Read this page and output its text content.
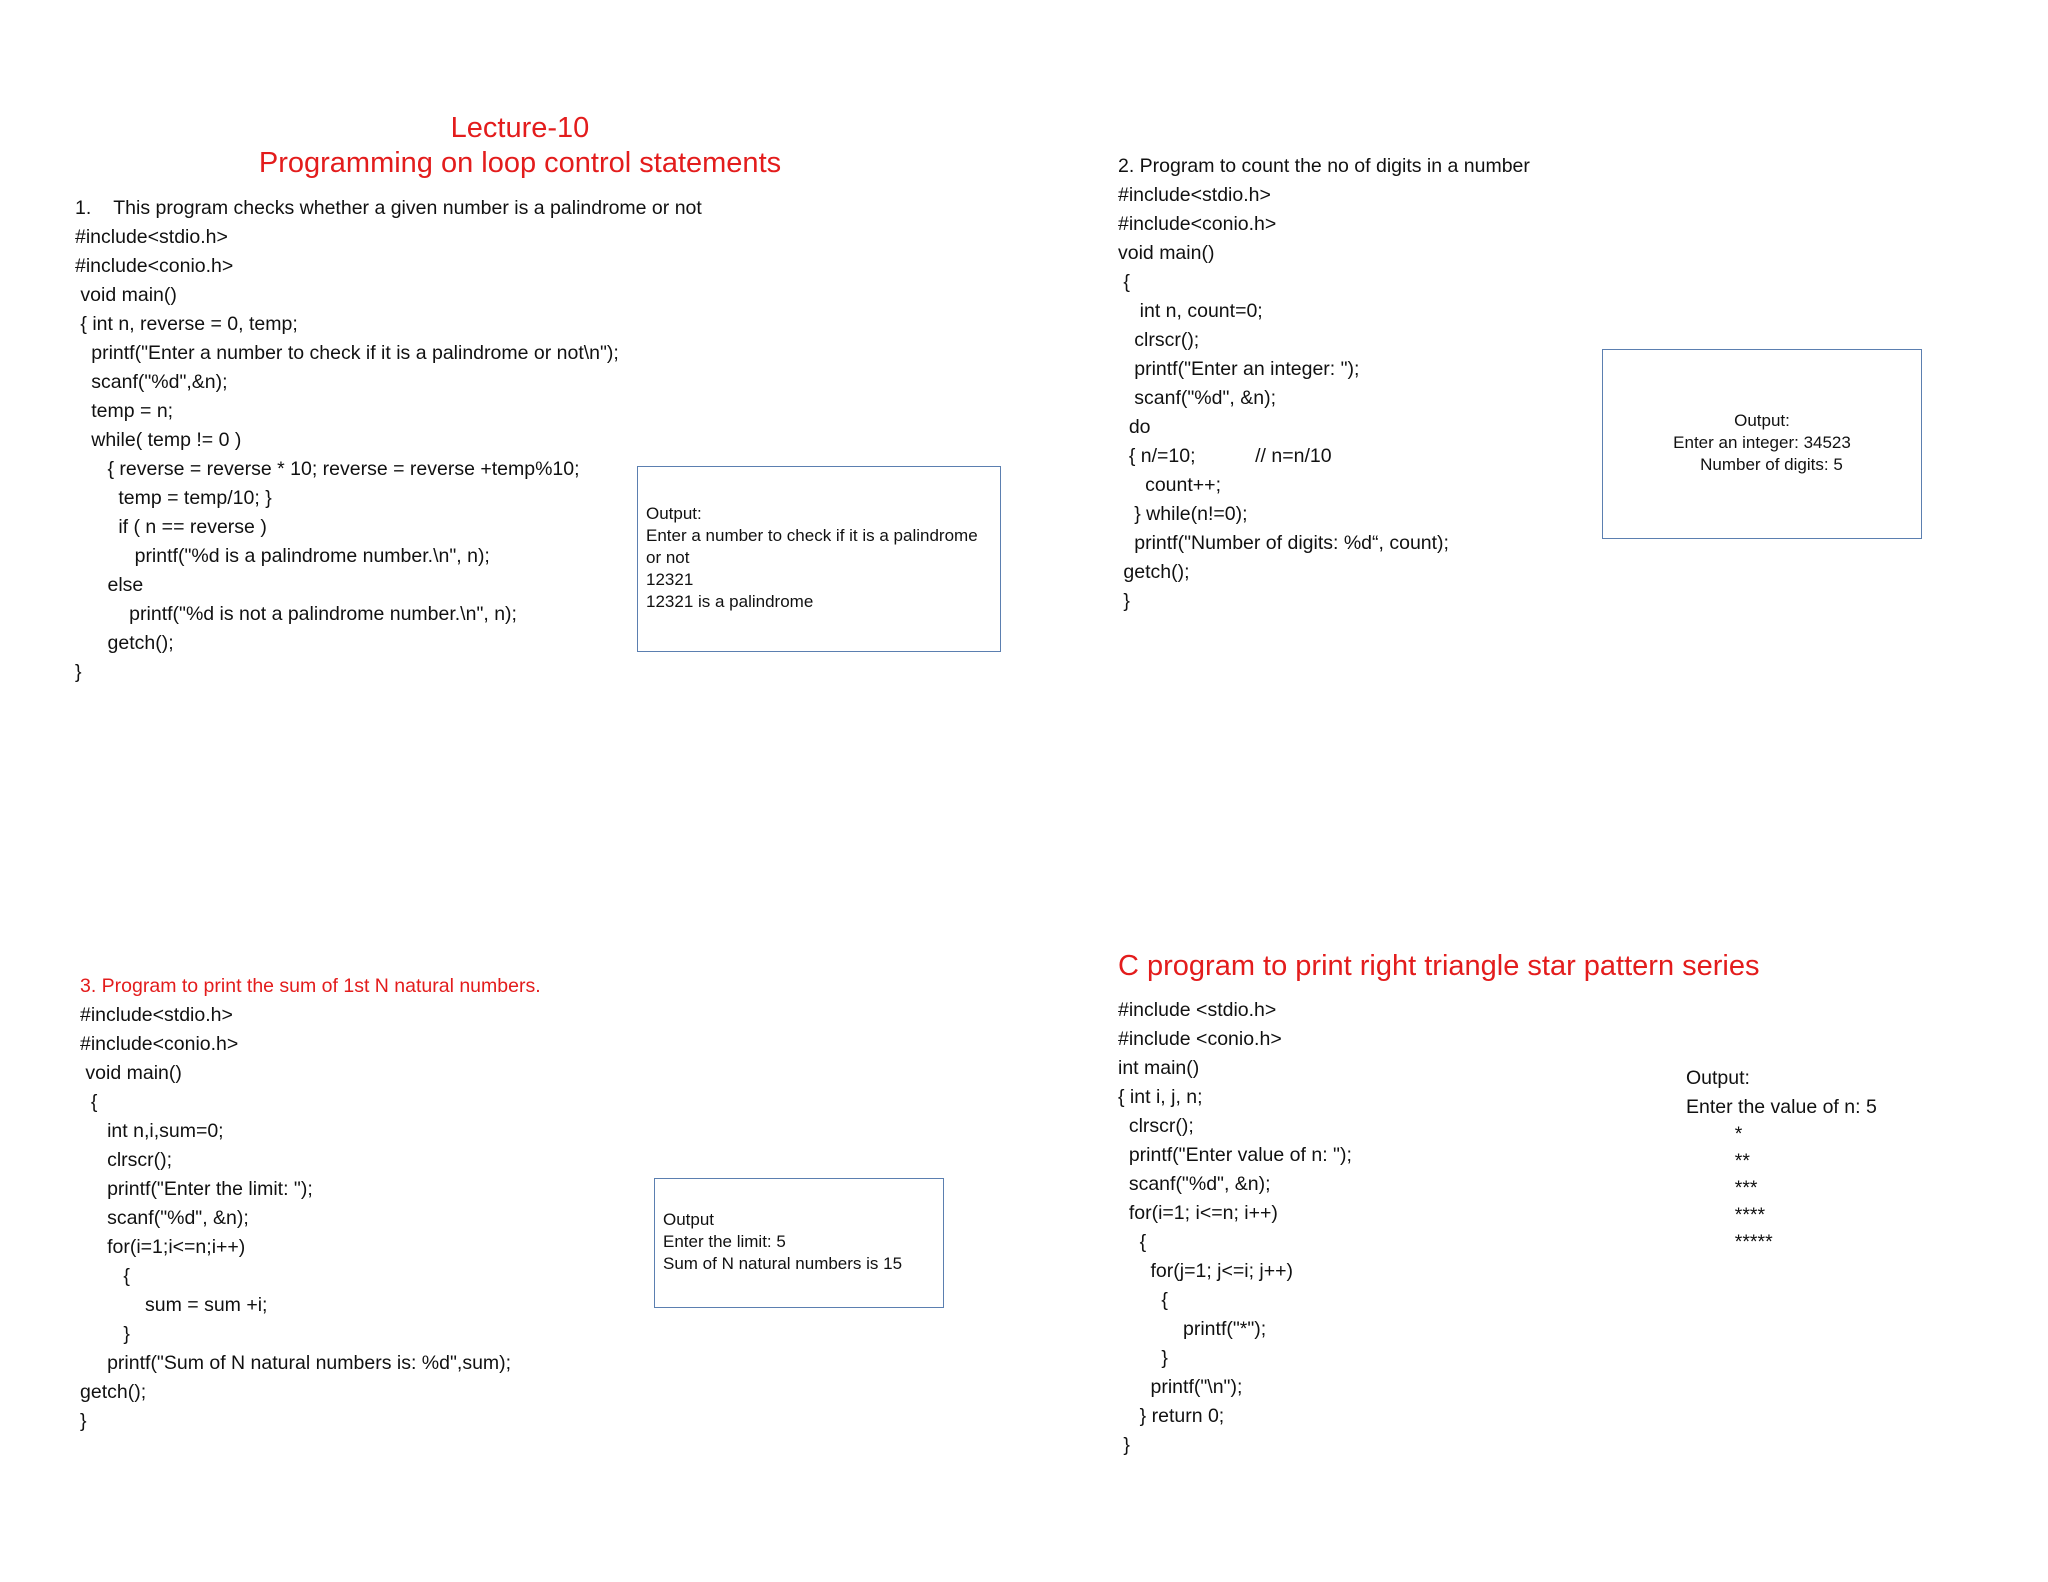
Lecture-10
Programming on loop control statements
1. This program checks whether a given number is a palindrome or not
#include<stdio.h>
#include<conio.h>
void main()
{ int n, reverse = 0, temp;
printf("Enter a number to check if it is a palindrome or not\n");
scanf("%d",&n);
temp = n;
while( temp != 0 )
{ reverse = reverse * 10; reverse = reverse +temp%10;
temp = temp/10; }
if ( n == reverse )
printf("%d is a palindrome number.\n", n);
else
printf("%d is not a palindrome number.\n", n);
getch();
}
Output:
Enter a number to check if it is a palindrome
or not
12321
12321 is a palindrome
2. Program to count the no of digits in a number
#include<stdio.h>
#include<conio.h>
void main()
{
int n, count=0;
clrscr();
printf("Enter an integer: ");
scanf("%d", &n);
do
{ n/=10;           // n=n/10
count++;
} while(n!=0);
printf("Number of digits: %d“, count);
getch();
}
Output:
Enter an integer: 34523
Number of digits: 5
3. Program to print the sum of 1st N natural numbers.
#include<stdio.h>
#include<conio.h>
void main()
{
int n,i,sum=0;
clrscr();
printf("Enter the limit: ");
scanf("%d", &n);
for(i=1;i<=n;i++)
{
sum = sum +i;
}
printf("Sum of N natural numbers is: %d",sum);
getch();
}
Output
Enter the limit: 5
Sum of N natural numbers is 15
C program to print right triangle star pattern series
#include <stdio.h>
#include <conio.h>
int main()
{ int i, j, n;
clrscr();
printf("Enter value of n: ");
scanf("%d", &n);
for(i=1; i<=n; i++)
{
for(j=1; j<=i; j++)
{
printf("*");
}
printf("\n");
} return 0;
}
Output:
Enter the value of n: 5
*
**
***
****
*****
